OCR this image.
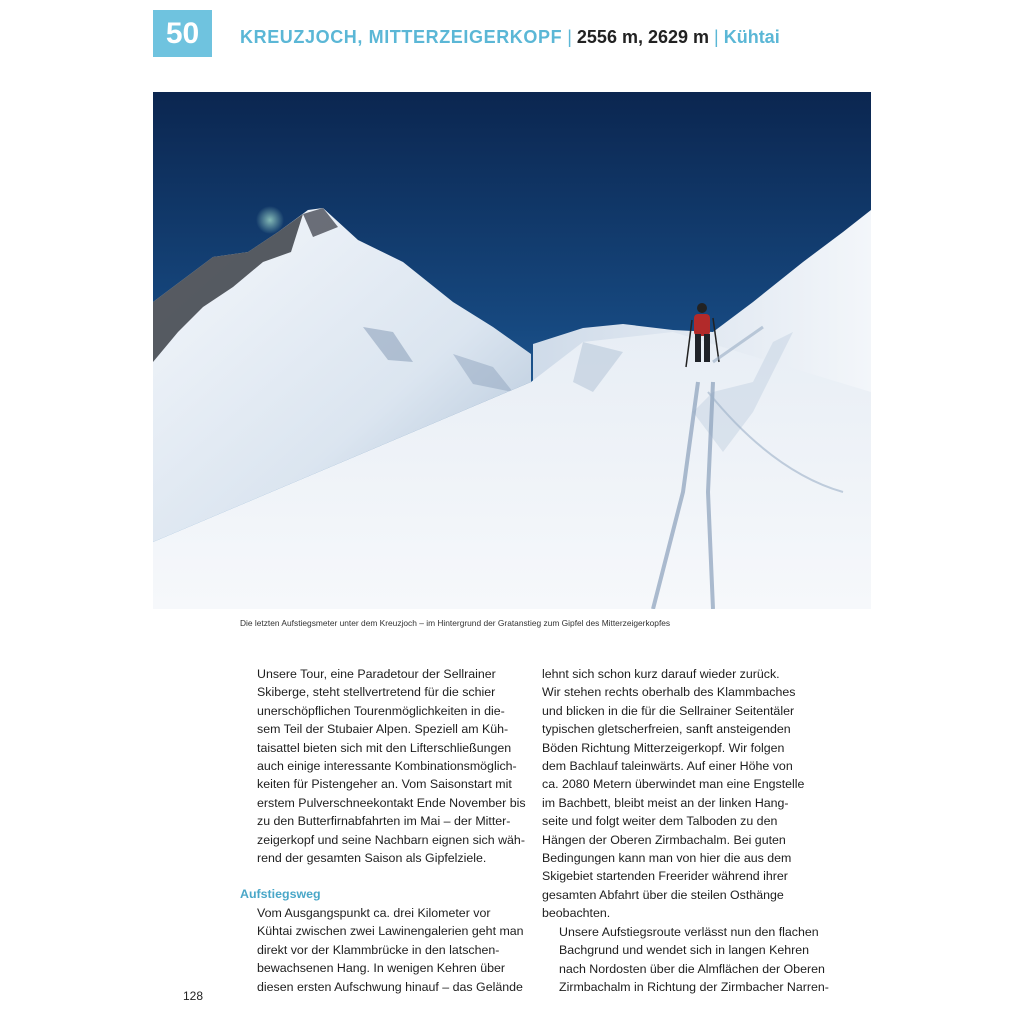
50	KREUZJOCH, MITTERZEIGERKOPF | 2556 m, 2629 m | Kühtai
Die letzten Aufstiegsmeter unter dem Kreuzjoch – im Hintergrund der Gratanstieg zum Gipfel des Mitterzeigerkopfes

Unsere Tour, eine Paradetour der Sellrainer
Skiberge, steht stellvertretend für die schier
unerschöpflichen Tourenmöglichkeiten in die-
sem Teil der Stubaier Alpen. Speziell am Küh-
taisattel bieten sich mit den Lifterschließungen
auch einige interessante Kombinationsmöglich-
keiten für Pistengeher an. Vom Saisonstart mit
erstem Pulverschneekontakt Ende November bis
zu den Butterfirnabfahrten im Mai – der Mitter-
zeigerkopf und seine Nachbarn eignen sich wäh-
rend der gesamten Saison als Gipfelziele.

Aufstiegsweg

Vom Ausgangspunkt ca. drei Kilometer vor
Kühtai zwischen zwei Lawinengalerien geht man
direkt vor der Klammbrücke in den latschen-
bewachsenen Hang. In wenigen Kehren über
diesen ersten Aufschwung hinauf – das Gelände

lehnt sich schon kurz darauf wieder zurück.
Wir stehen rechts oberhalb des Klammbaches
und blicken in die für die Sellrainer Seitentäler
typischen gletscherfreien, sanft ansteigenden
Böden Richtung Mitterzeigerkopf. Wir folgen
dem Bachlauf taleinwärts. Auf einer Höhe von
ca. 2080 Metern überwindet man eine Engstelle
im Bachbett, bleibt meist an der linken Hang-
seite und folgt weiter dem Talboden zu den
Hängen der Oberen Zirmbachalm. Bei guten
Bedingungen kann man von hier die aus dem
Skigebiet startenden Freerider während ihrer
gesamten Abfahrt über die steilen Osthänge
beobachten.

Unsere Aufstiegsroute verlässt nun den flachen
Bachgrund und wendet sich in langen Kehren
nach Nordosten über die Almflächen der Oberen
Zirmbachalm in Richtung der Zirmbacher Narren-

128
